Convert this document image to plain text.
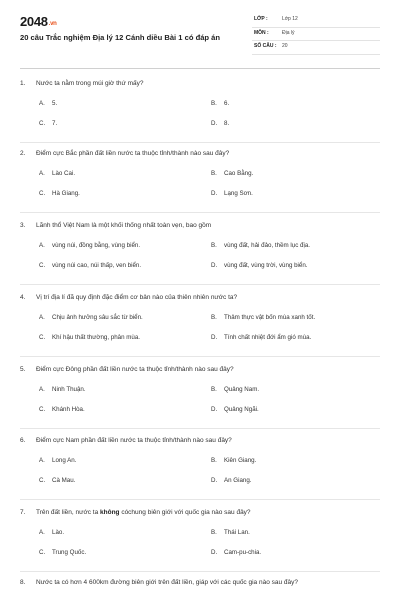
2048.vn
20 câu Trắc nghiệm Địa lý 12 Cánh diều Bài 1 có đáp án
LỚP :	Lớp 12
MÔN :	Địa lý
SỐ CÂU : 20
1. Nước ta nằm trong múi giờ thứ mấy?
A. 5.	B. 6.
C. 7.	D. 8.
2. Điểm cực Bắc phần đất liền nước ta thuộc tỉnh/thành nào sau đây?
A. Lào Cai.	B. Cao Bằng.
C. Hà Giang.	D. Lạng Sơn.
3. Lãnh thổ Việt Nam là một khối thống nhất toàn vẹn, bao gồm
A. vùng núi, đồng bằng, vùng biển.	B. vùng đất, hải đảo, thềm lục địa.
C. vùng núi cao, núi thấp, ven biển.	D. vùng đất, vùng trời, vùng biển.
4. Vị trí địa lí đã quy định đặc điểm cơ bản nào của thiên nhiên nước ta?
A. Chịu ảnh hưởng sâu sắc từ biển.	B. Thảm thực vật bốn mùa xanh tốt.
C. Khí hậu thất thường, phân mùa.	D. Tính chất nhiệt đới ẩm gió mùa.
5. Điểm cực Đông phần đất liền nước ta thuộc tỉnh/thành nào sau đây?
A. Ninh Thuận.	B. Quảng Nam.
C. Khánh Hòa.	D. Quảng Ngãi.
6. Điểm cực Nam phần đất liền nước ta thuộc tỉnh/thành nào sau đây?
A. Long An.	B. Kiên Giang.
C. Cà Mau.	D. An Giang.
7. Trên đất liền, nước ta không cóchung biên giới với quốc gia nào sau đây?
A. Lào.	B. Thái Lan.
C. Trung Quốc.	D. Cam-pu-chia.
8. Nước ta có hơn 4 600km đường biên giới trên đất liền, giáp với các quốc gia nào sau đây?
